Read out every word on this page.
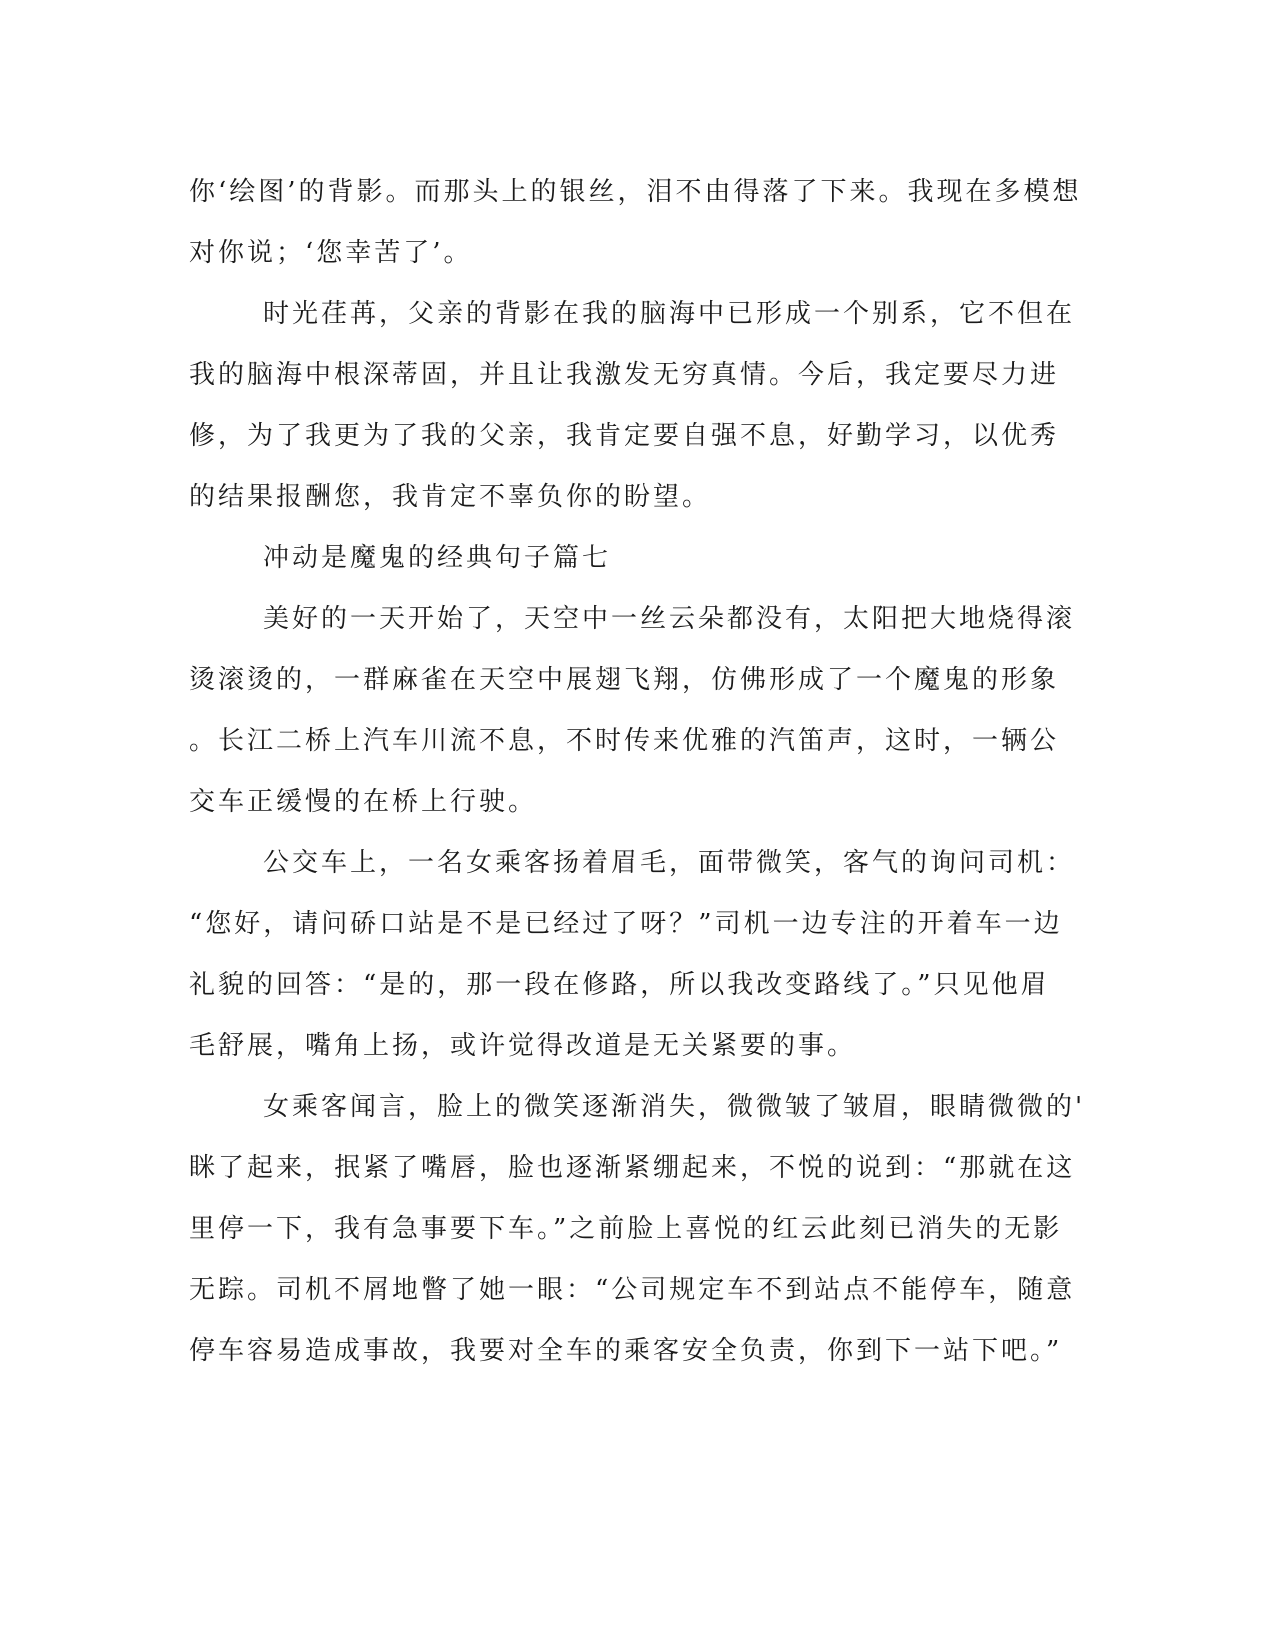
你‘绘图’的背影。而那头上的银丝，泪不由得落了下来。我现在多模想
对你说；‘您幸苦了’。
时光荏苒，父亲的背影在我的脑海中已形成一个别系，它不但在
我的脑海中根深蒂固，并且让我激发无穷真情。今后，我定要尽力进
修，为了我更为了我的父亲，我肯定要自强不息，好勤学习，以优秀
的结果报酬您，我肯定不辜负你的盼望。
冲动是魔鬼的经典句子篇七
美好的一天开始了，天空中一丝云朵都没有，太阳把大地烧得滚
烫滚烫的，一群麻雀在天空中展翅飞翔，仿佛形成了一个魔鬼的形象
。长江二桥上汽车川流不息，不时传来优雅的汽笛声，这时，一辆公
交车正缓慢的在桥上行驶。
公交车上，一名女乘客扬着眉毛，面带微笑，客气的询问司机：
“您好，请问硚口站是不是已经过了呀？”司机一边专注的开着车一边
礼貌的回答：“是的，那一段在修路，所以我改变路线了。”只见他眉
毛舒展，嘴角上扬，或许觉得改道是无关紧要的事。
女乘客闻言，脸上的微笑逐渐消失，微微皱了皱眉，眼睛微微的'
眯了起来，抿紧了嘴唇，脸也逐渐紧绷起来，不悦的说到：“那就在这
里停一下，我有急事要下车。”之前脸上喜悦的红云此刻已消失的无影
无踪。司机不屑地瞥了她一眼：“公司规定车不到站点不能停车，随意
停车容易造成事故，我要对全车的乘客安全负责，你到下一站下吧。”
